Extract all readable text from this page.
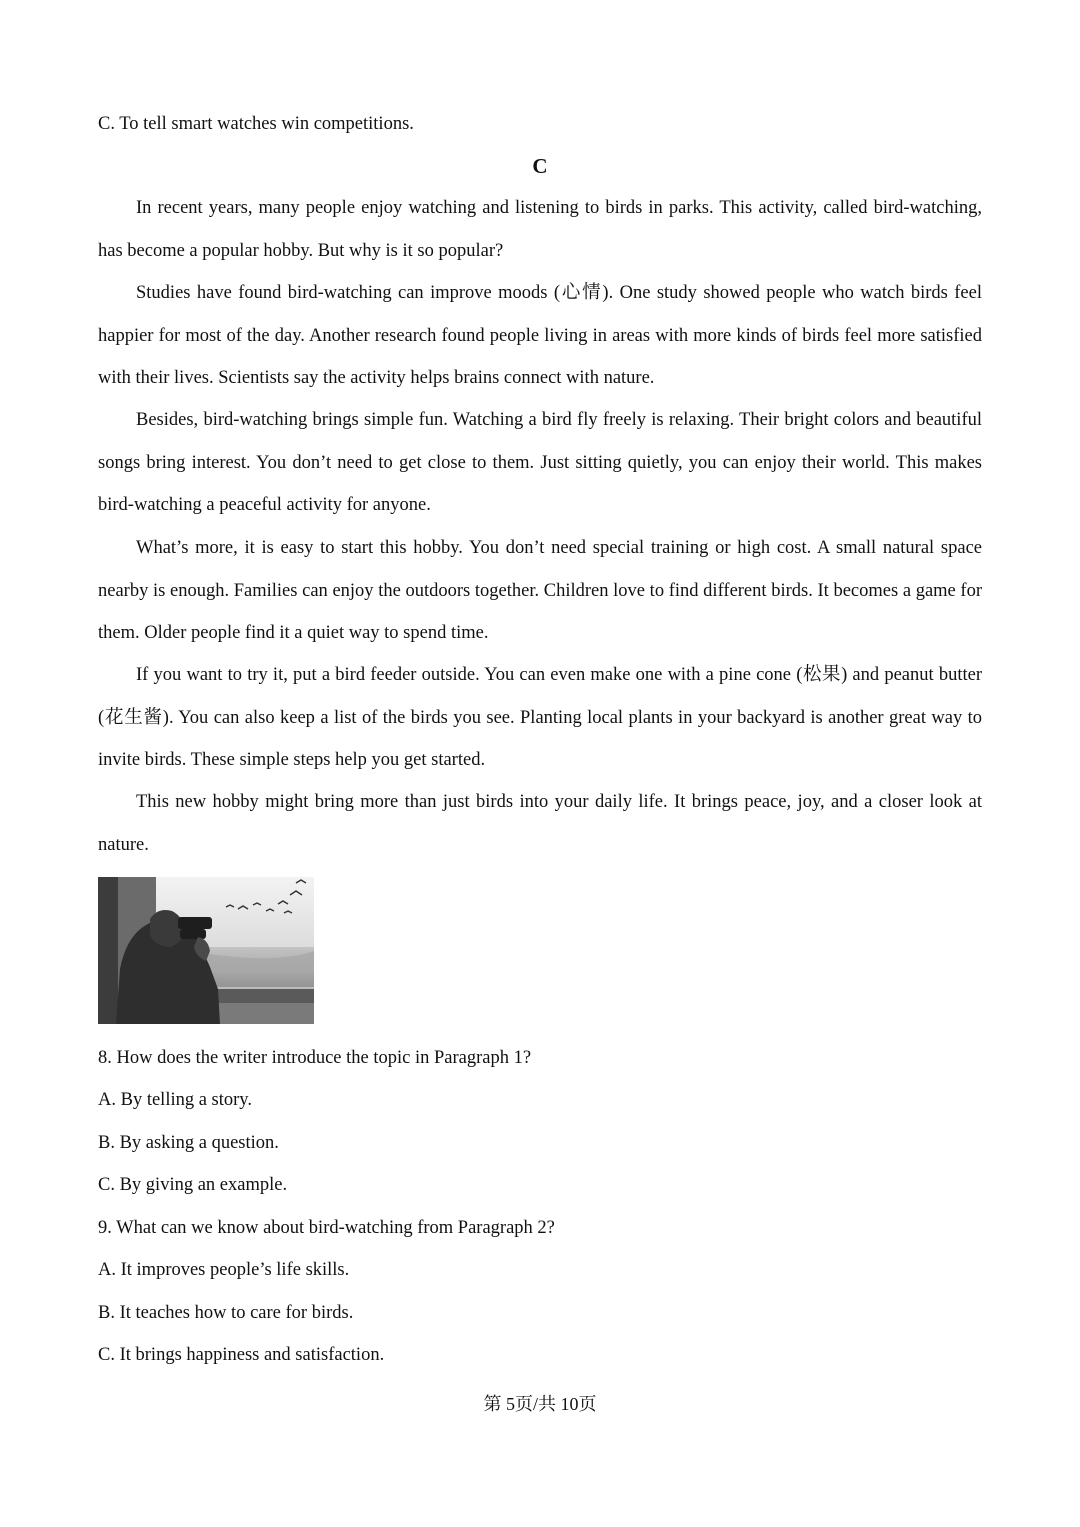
C. To tell smart watches win competitions.
C
In recent years, many people enjoy watching and listening to birds in parks. This activity, called bird-watching, has become a popular hobby. But why is it so popular?
Studies have found bird-watching can improve moods (心情). One study showed people who watch birds feel happier for most of the day. Another research found people living in areas with more kinds of birds feel more satisfied with their lives. Scientists say the activity helps brains connect with nature.
Besides, bird-watching brings simple fun. Watching a bird fly freely is relaxing. Their bright colors and beautiful songs bring interest. You don’t need to get close to them. Just sitting quietly, you can enjoy their world. This makes bird-watching a peaceful activity for anyone.
What’s more, it is easy to start this hobby. You don’t need special training or high cost. A small natural space nearby is enough. Families can enjoy the outdoors together. Children love to find different birds. It becomes a game for them. Older people find it a quiet way to spend time.
If you want to try it, put a bird feeder outside. You can even make one with a pine cone (松果) and peanut butter (花生酱). You can also keep a list of the birds you see. Planting local plants in your backyard is another great way to invite birds. These simple steps help you get started.
This new hobby might bring more than just birds into your daily life. It brings peace, joy, and a closer look at nature.
8. How does the writer introduce the topic in Paragraph 1?
A. By telling a story.
B. By asking a question.
C. By giving an example.
9. What can we know about bird-watching from Paragraph 2?
A. It improves people’s life skills.
B. It teaches how to care for birds.
C. It brings happiness and satisfaction.
第 5页/共 10页
